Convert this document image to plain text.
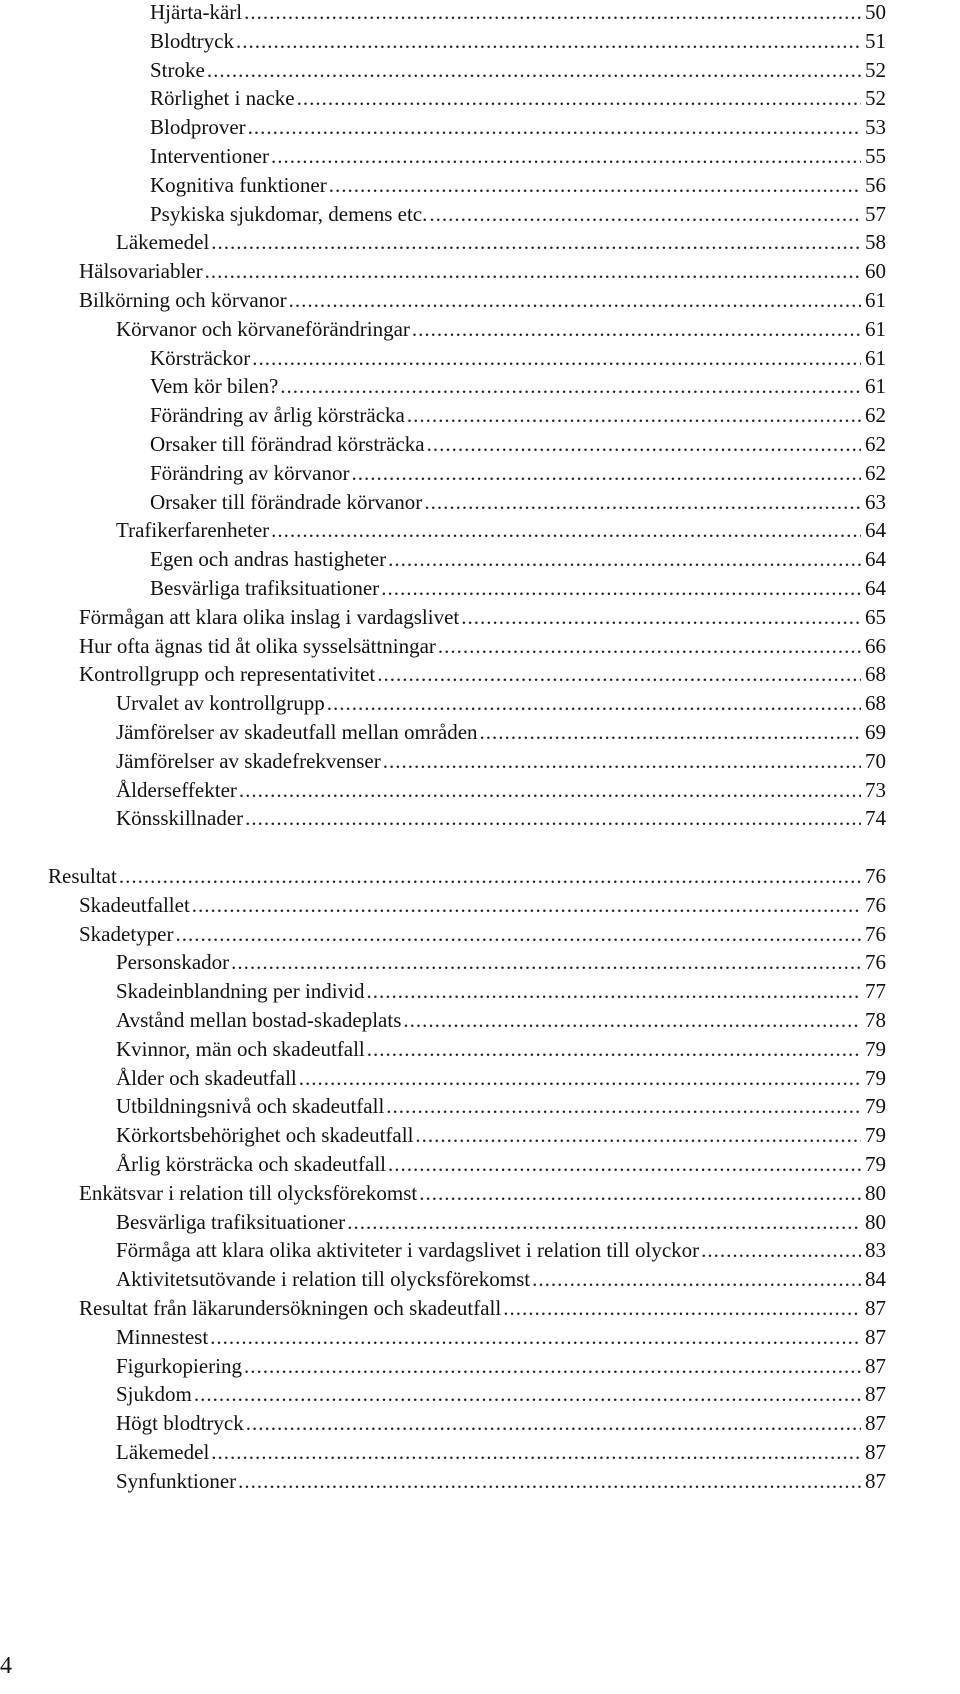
Hjärta-kärl .....	50
Blodtryck .....	51
Stroke .....	52
Rörlighet i nacke .....	52
Blodprover .....	53
Interventioner .....	55
Kognitiva funktioner .....	56
Psykiska sjukdomar, demens etc. .....	57
Läkemedel .....	58
Hälsovariabler .....	60
Bilkörning och körvanor .....	61
Körvanor och körvaneförändringar .....	61
Körsträckor .....	61
Vem kör bilen? .....	61
Förändring av årlig körsträcka .....	62
Orsaker till förändrad körsträcka .....	62
Förändring av körvanor .....	62
Orsaker till förändrade körvanor .....	63
Trafikerfarenheter .....	64
Egen och andras hastigheter .....	64
Besvärliga trafiksituationer .....	64
Förmågan att klara olika inslag i vardagslivet .....	65
Hur ofta ägnas tid åt olika sysselsättningar .....	66
Kontrollgrupp och representativitet .....	68
Urvalet av kontrollgrupp .....	68
Jämförelser av skadeutfall mellan områden .....	69
Jämförelser av skadefrekvenser .....	70
Ålderseffekter .....	73
Könsskillnader .....	74
Resultat .....	76
Skadeutfallet .....	76
Skadetyper .....	76
Personskador .....	76
Skadeinblandning per individ .....	77
Avstånd mellan bostad-skadeplats .....	78
Kvinnor, män och skadeutfall .....	79
Ålder och skadeutfall .....	79
Utbildningsnivå och skadeutfall .....	79
Körkortsbehörighet och skadeutfall .....	79
Årlig körsträcka och skadeutfall .....	79
Enkätsvar i relation till olycksförekomst .....	80
Besvärliga trafiksituationer .....	80
Förmåga att klara olika aktiviteter i vardagslivet i relation till olyckor .....	83
Aktivitetsutövande i relation till olycksförekomst .....	84
Resultat från läkarundersökningen och skadeutfall .....	87
Minnestest .....	87
Figurkopiering .....	87
Sjukdom .....	87
Högt blodtryck .....	87
Läkemedel .....	87
Synfunktioner .....	87
4
